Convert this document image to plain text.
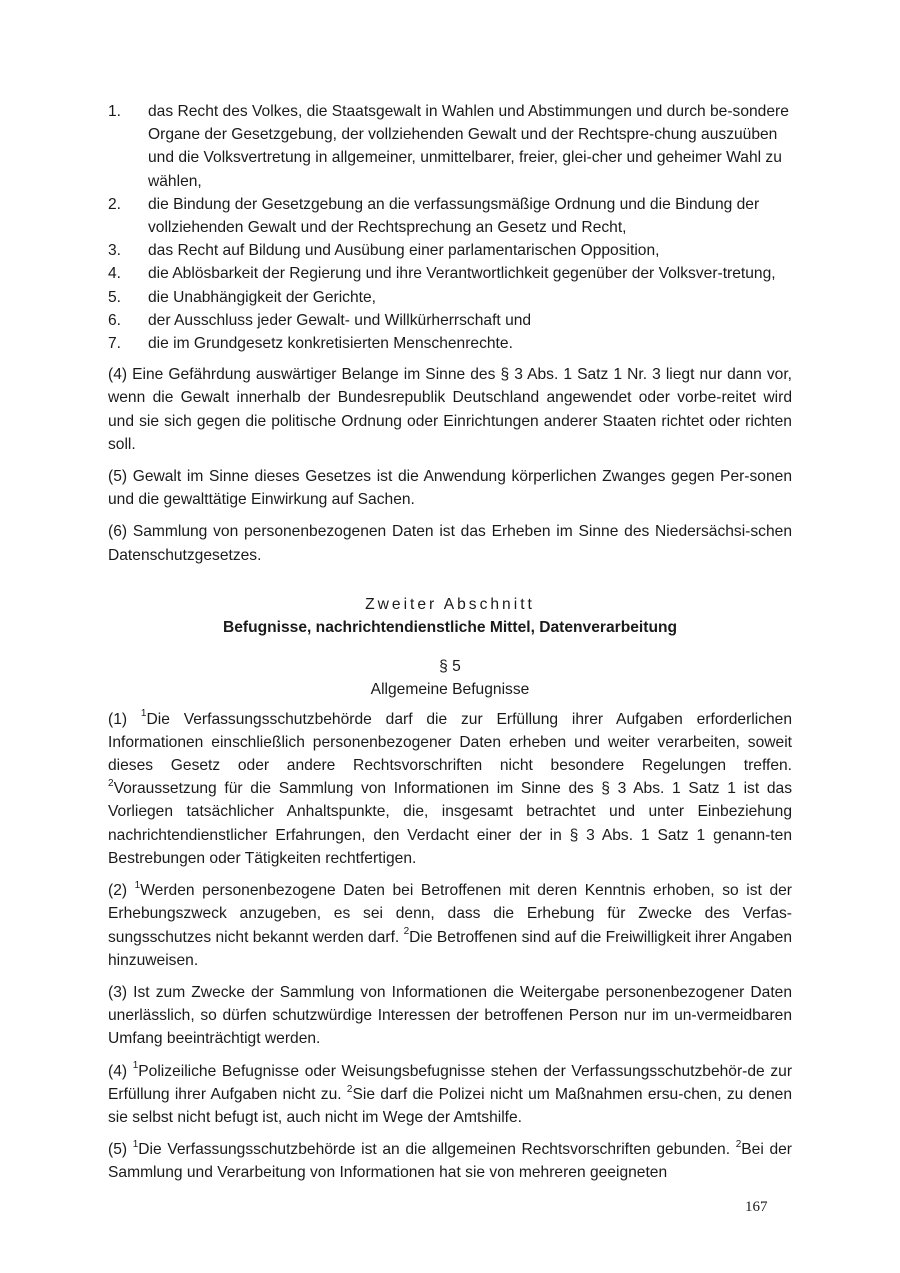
1.	das Recht des Volkes, die Staatsgewalt in Wahlen und Abstimmungen und durch be-sondere Organe der Gesetzgebung, der vollziehenden Gewalt und der Rechtspre-chung auszuüben und die Volksvertretung in allgemeiner, unmittelbarer, freier, glei-cher und geheimer Wahl zu wählen,
2.	die Bindung der Gesetzgebung an die verfassungsmäßige Ordnung und die Bindung der vollziehenden Gewalt und der Rechtsprechung an Gesetz und Recht,
3.	das Recht auf Bildung und Ausübung einer parlamentarischen Opposition,
4.	die Ablösbarkeit der Regierung und ihre Verantwortlichkeit gegenüber der Volksver-tretung,
5.	die Unabhängigkeit der Gerichte,
6.	der Ausschluss jeder Gewalt- und Willkürherrschaft und
7.	die im Grundgesetz konkretisierten Menschenrechte.

(4) Eine Gefährdung auswärtiger Belange im Sinne des § 3 Abs. 1 Satz 1 Nr. 3 liegt nur dann vor, wenn die Gewalt innerhalb der Bundesrepublik Deutschland angewendet oder vorbe-reitet wird und sie sich gegen die politische Ordnung oder Einrichtungen anderer Staaten richtet oder richten soll.

(5) Gewalt im Sinne dieses Gesetzes ist die Anwendung körperlichen Zwanges gegen Per-sonen und die gewalttätige Einwirkung auf Sachen.

(6) Sammlung von personenbezogenen Daten ist das Erheben im Sinne des Niedersächsi-schen Datenschutzgesetzes.

Zweiter Abschnitt
Befugnisse, nachrichtendienstliche Mittel, Datenverarbeitung
§ 5
Allgemeine Befugnisse

(1) $^1$Die Verfassungsschutzbehörde darf die zur Erfüllung ihrer Aufgaben erforderlichen Informationen einschließlich personenbezogener Daten erheben und weiter verarbeiten, soweit dieses Gesetz oder andere Rechtsvorschriften nicht besondere Regelungen treffen. $^2$Voraussetzung für die Sammlung von Informationen im Sinne des § 3 Abs. 1 Satz 1 ist das Vorliegen tatsächlicher Anhaltspunkte, die, insgesamt betrachtet und unter Einbeziehung nachrichtendienstlicher Erfahrungen, den Verdacht einer der in § 3 Abs. 1 Satz 1 genann-ten Bestrebungen oder Tätigkeiten rechtfertigen.

(2) $^1$Werden personenbezogene Daten bei Betroffenen mit deren Kenntnis erhoben, so ist der Erhebungszweck anzugeben, es sei denn, dass die Erhebung für Zwecke des Verfas-sungsschutzes nicht bekannt werden darf. $^2$Die Betroffenen sind auf die Freiwilligkeit ihrer Angaben hinzuweisen.

(3) Ist zum Zwecke der Sammlung von Informationen die Weitergabe personenbezogener Daten unerlässlich, so dürfen schutzwürdige Interessen der betroffenen Person nur im un-vermeidbaren Umfang beeinträchtigt werden.

(4) $^1$Polizeiliche Befugnisse oder Weisungsbefugnisse stehen der Verfassungsschutzbehör-de zur Erfüllung ihrer Aufgaben nicht zu. $^2$Sie darf die Polizei nicht um Maßnahmen ersu-chen, zu denen sie selbst nicht befugt ist, auch nicht im Wege der Amtshilfe.

(5) $^1$Die Verfassungsschutzbehörde ist an die allgemeinen Rechtsvorschriften gebunden. $^2$Bei der Sammlung und Verarbeitung von Informationen hat sie von mehreren geeigneten

167
